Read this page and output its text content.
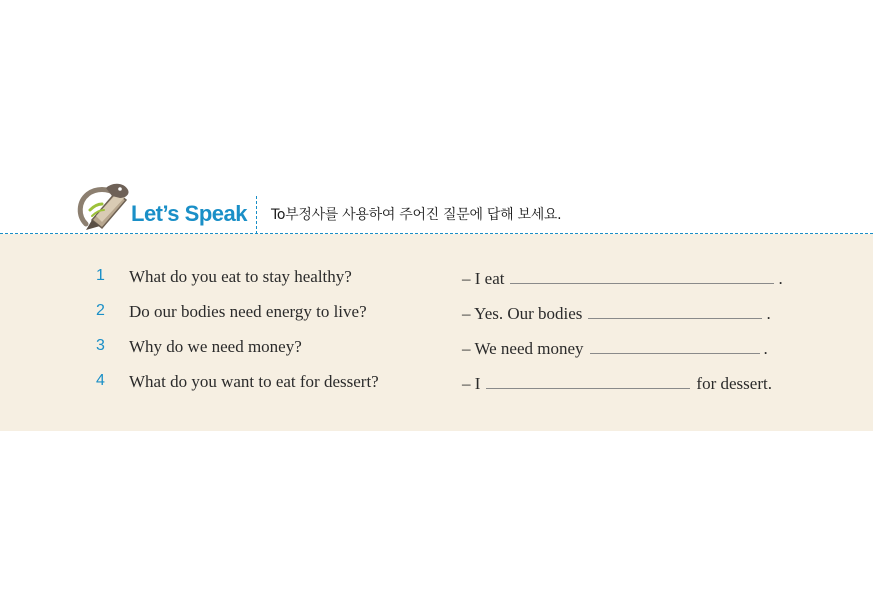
Let’s Speak To부정사를 사용하여 주어진 질문에 답해 보세요.
1 What do you eat to stay healthy?	– I eat	.
2 Do our bodies need energy to live?	– Yes. Our bodies	.
3 Why do we need money?	– We need money	.
4 What do you want to eat for dessert?	– I	for dessert.
